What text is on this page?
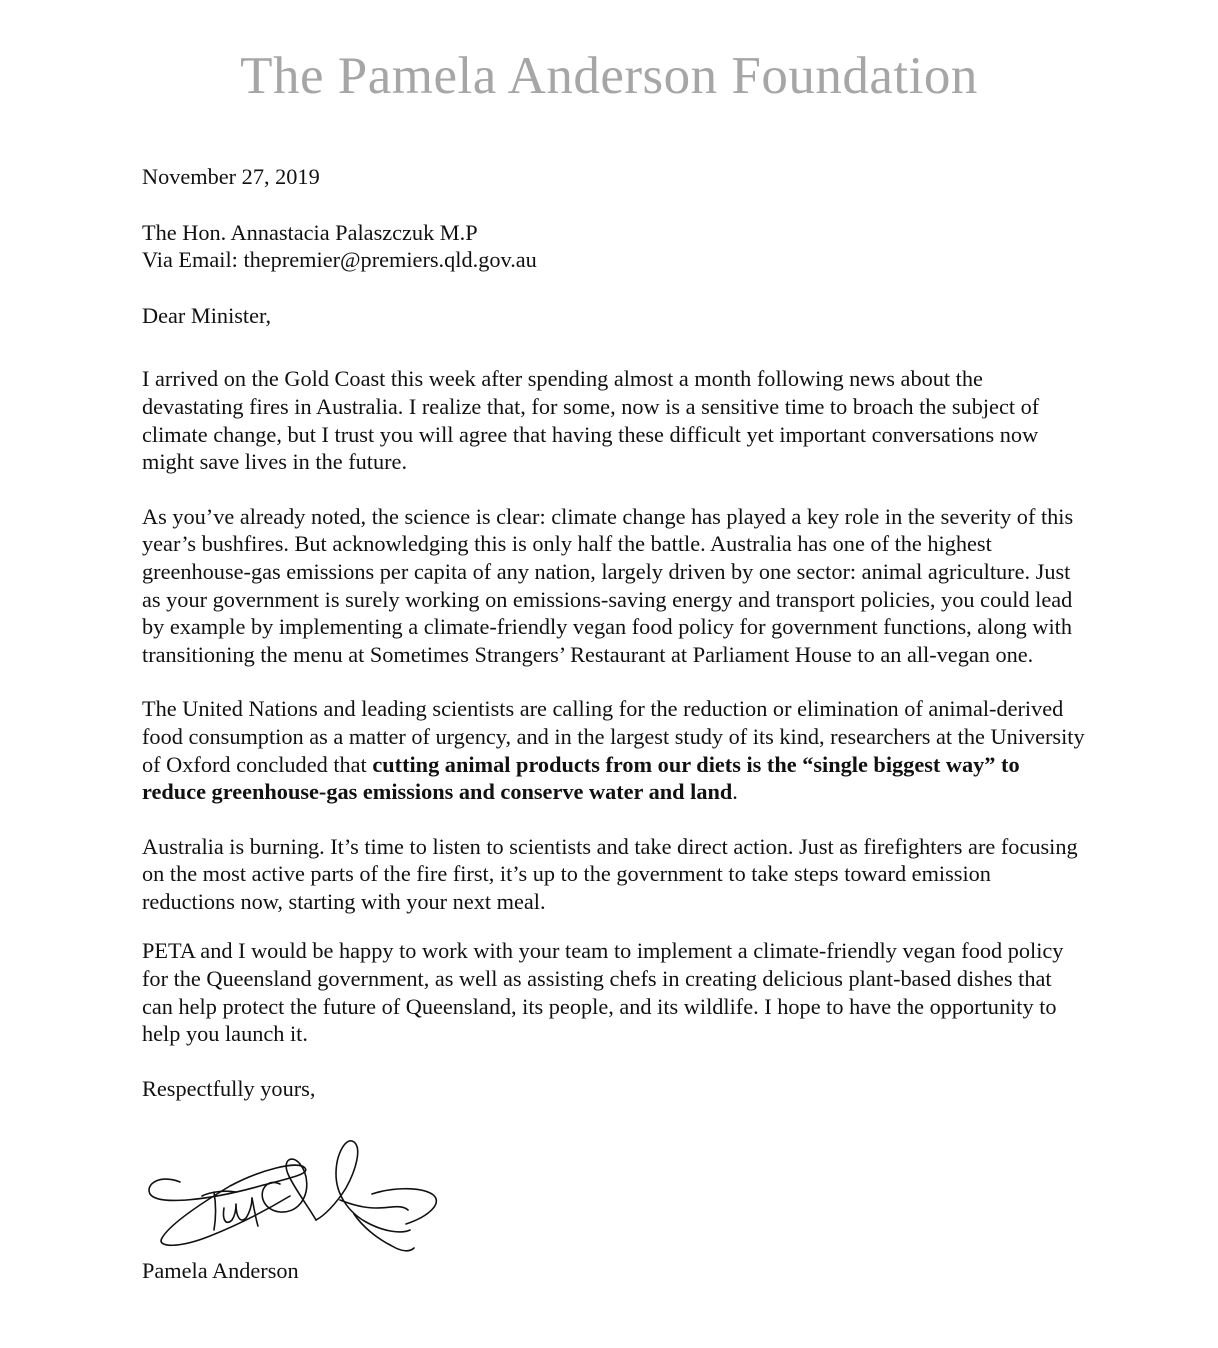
The Pamela Anderson Foundation

November 27, 2019

The Hon. Annastacia Palaszczuk M.P

Via Email: thepremier@premiers.qld.gov.au

Dear Minister,

I arrived on the Gold Coast this week after spending almost a month following news about the devastating fires in Australia. I realize that, for some, now is a sensitive time to broach the subject of climate change, but I trust you will agree that having these difficult yet important conversations now might save lives in the future.

As you’ve already noted, the science is clear: climate change has played a key role in the severity of this year’s bushfires. But acknowledging this is only half the battle. Australia has one of the highest greenhouse-gas emissions per capita of any nation, largely driven by one sector: animal agriculture. Just as your government is surely working on emissions-saving energy and transport policies, you could lead by example by implementing a climate-friendly vegan food policy for government functions, along with transitioning the menu at Sometimes Strangers’ Restaurant at Parliament House to an all-vegan one.

The United Nations and leading scientists are calling for the reduction or elimination of animal-derived food consumption as a matter of urgency, and in the largest study of its kind, researchers at the University of Oxford concluded that cutting animal products from our diets is the “single biggest way” to reduce greenhouse-gas emissions and conserve water and land.

Australia is burning. It’s time to listen to scientists and take direct action. Just as firefighters are focusing on the most active parts of the fire first, it’s up to the government to take steps toward emission reductions now, starting with your next meal.

PETA and I would be happy to work with your team to implement a climate-friendly vegan food policy for the Queensland government, as well as assisting chefs in creating delicious plant-based dishes that can help protect the future of Queensland, its people, and its wildlife. I hope to have the opportunity to help you launch it.

Respectfully yours,

Pamela Anderson
